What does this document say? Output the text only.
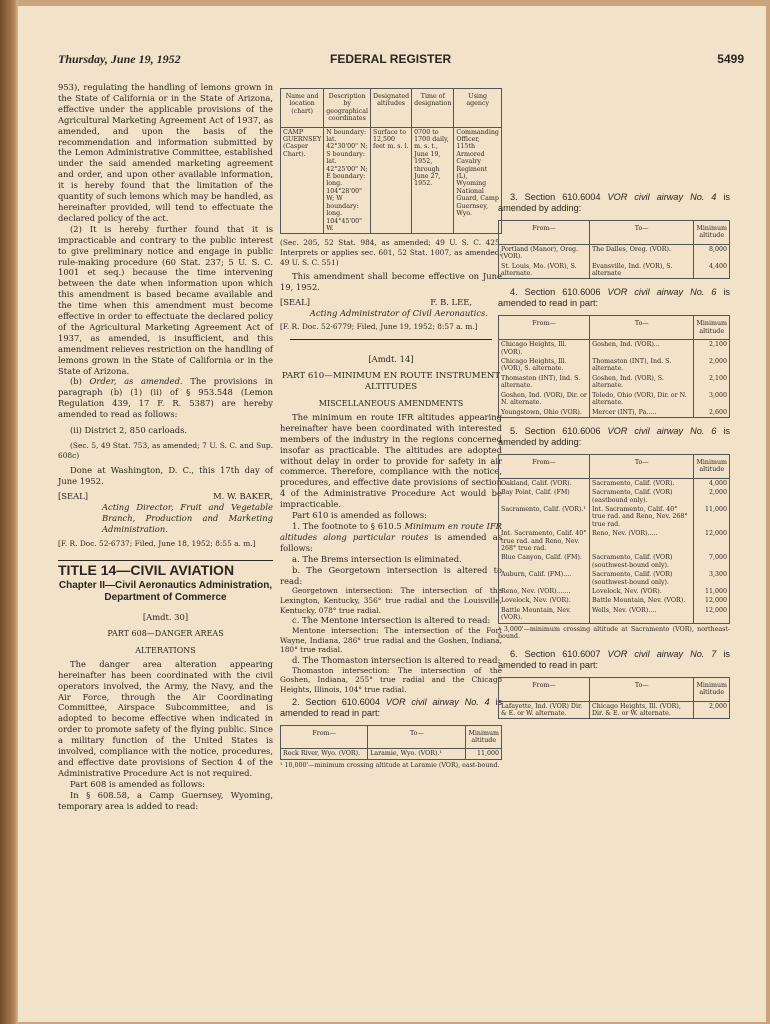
Thursday, June 19, 1952	FEDERAL REGISTER	5499

953), regulating the handling of lemons grown in the State of California or in the State of Arizona, effective under the applicable provisions of the Agricultural Marketing Agreement Act of 1937, as amended, and upon the basis of the recommendation and information submitted by the Lemon Administrative Committee, established under the said amended marketing agreement and order, and upon other available information, it is hereby found that the limitation of the quantity of such lemons which may be handled, as hereinafter provided, will tend to effectuate the declared policy of the act.

(2) It is hereby further found that it is impracticable and contrary to the public interest to give preliminary notice and engage in public rule-making procedure (60 Stat. 237; 5 U. S. C. 1001 et seq.) because the time intervening between the date when information upon which this amendment is based became available and the time when this amendment must become effective in order to effectuate the declared policy of the Agricultural Marketing Agreement Act of 1937, as amended, is insufficient, and this amendment relieves restriction on the handling of lemons grown in the State of California or in the State of Arizona.

(b) Order, as amended. The provisions in paragraph (b) (1) (ii) of § 953.548 (Lemon Regulation 439, 17 F. R. 5387) are hereby amended to read as follows:

(ii) District 2, 850 carloads.

(Sec. 5, 49 Stat. 753, as amended; 7 U. S. C. and Sup. 608c)

Done at Washington, D. C., this 17th day of June 1952.

[SEAL]	M. W. BAKER,
Acting Director, Fruit and Vegetable Branch, Production and Marketing Administration.

[F. R. Doc. 52-6737; Filed, June 18, 1952; 8:55 a. m.]

TITLE 14—CIVIL AVIATION
Chapter II—Civil Aeronautics Administration, Department of Commerce
[Amdt. 30]
PART 608—DANGER AREAS
ALTERATIONS

The danger area alteration appearing hereinafter has been coordinated with the civil operators involved, the Army, the Navy, and the Air Force, through the Air Coordinating Committee, Airspace Subcommittee, and is adopted to become effective when indicated in order to promote safety of the flying public. Since a military function of the United States is involved, compliance with the notice, procedures, and effective date provisions of Section 4 of the Administrative Procedure Act is not required.

Part 608 is amended as follows:

In § 608.58, a Camp Guernsey, Wyoming, temporary area is added to read:

Name and location (chart)	Description by geographical coordinates	Designated altitudes	Time of designation	Using agency
CAMP GUERNSEY (Casper Chart).	N boundary: lat. 42°30'00" N; S boundary: lat. 42°25'00" N; E boundary: long. 104°28'00" W; W boundary: long. 104°45'00" W.	Surface to 12,500 feet m. s. l.	0700 to 1700 daily, m. s. t., June 19, 1952, through June 27, 1952.	Commanding Officer, 115th Armored Cavalry Regiment (L), Wyoming National Guard, Camp Guernsey, Wyo.

(Sec. 205, 52 Stat. 984, as amended; 49 U. S. C. 425. Interprets or applies sec. 601, 52 Stat. 1007, as amended; 49 U. S. C. 551)

This amendment shall become effective on June 19, 1952.

[SEAL]	F. B. LEE,
Acting Administrator of Civil Aeronautics.

[F. R. Doc. 52-6779; Filed, June 19, 1952; 8:57 a. m.]

[Amdt. 14]
PART 610—MINIMUM EN ROUTE INSTRUMENT ALTITUDES
MISCELLANEOUS AMENDMENTS

The minimum en route IFR altitudes appearing hereinafter have been coordinated with interested members of the industry in the regions concerned insofar as practicable. The altitudes are adopted without delay in order to provide for safety in air commerce. Therefore, compliance with the notice, procedures, and effective date provisions of section 4 of the Administrative Procedure Act would be impracticable.

Part 610 is amended as follows:

1. The footnote to § 610.5 Minimum en route IFR altitudes along particular routes is amended as follows:

a. The Brems intersection is eliminated.

b. The Georgetown intersection is altered to read:

Georgetown intersection: The intersection of the Lexington, Kentucky, 356° true radial and the Louisville, Kentucky, 078° true radial.

c. The Mentone intersection is altered to read:

Mentone intersection: The intersection of the Fort Wayne, Indiana, 286° true radial and the Goshen, Indiana, 180° true radial.

d. The Thomaston intersection is altered to read:

Thomaston intersection: The intersection of the Goshen, Indiana, 255° true radial and the Chicago Heights, Illinois, 104° true radial.

2. Section 610.6004 VOR civil airway No. 4 is amended to read in part:

From—	To—	Minimum altitude
Rock River, Wyo. (VOR).	Laramie, Wyo. (VOR).¹	11,000

¹ 10,000'—minimum crossing altitude at Laramie (VOR), east-bound.

3. Section 610.6004 VOR civil airway No. 4 is amended by adding:

From—	To—	Minimum altitude
Portland (Manor), Oreg. (VOR).	The Dalles, Oreg. (VOR).	8,000
St. Louis, Mo. (VOR), S. alternate.	Evansville, Ind. (VOR), S. alternate	4,400

4. Section 610.6006 VOR civil airway No. 6 is amended to read in part:

From—	To—	Minimum altitude
Chicago Heights, Ill. (VOR).	Goshen, Ind. (VOR)...	2,100
Chicago Heights, Ill. (VOR), S. alternate.	Thomaston (INT), Ind. S. alternate.	2,000
Thomaston (INT), Ind. S. alternate.	Goshen, Ind. (VOR), S. alternate.	2,100
Goshen, Ind. (VOR), Dir. or N. alternate.	Toledo, Ohio (VOR), Dir. or N. alternate.	3,000
Youngstown, Ohio (VOR).	Mercer (INT), Pa.....	2,600

5. Section 610.6006 VOR civil airway No. 6 is amended by adding:

From—	To—	Minimum altitude
Oakland, Calif. (VOR).	Sacramento, Calif. (VOR).	4,000
Bay Point, Calif. (FM)	Sacramento, Calif. (VOR) (eastbound only).	2,000
Sacramento, Calif. (VOR).¹	Int. Sacramento, Calif. 40° true rad. and Reno, Nev. 268° true rad.	11,000
Int. Sacramento, Calif. 40° true rad. and Reno, Nev. 268° true rad.	Reno, Nev. (VOR).....	12,000
Blue Canyon, Calif. (FM).	Sacramento, Calif. (VOR) (southwest-bound only).	7,000
Auburn, Calif. (FM)....	Sacramento, Calif. (VOR) (southwest-bound only).	3,300
Reno, Nev. (VOR).......	Lovelock, Nev. (VOR).	11,000
Lovelock, Nev. (VOR).	Battle Mountain, Nev. (VOR).	12,000
Battle Mountain, Nev. (VOR).	Wells, Nev. (VOR)....	12,000

¹ 3,000'—minimum crossing altitude at Sacramento (VOR), northeast-bound.

6. Section 610.6007 VOR civil airway No. 7 is amended to read in part:

From—	To—	Minimum altitude
Lafayette, Ind. (VOR) Dir. & E. or W. alternate.	Chicago Heights, Ill. (VOR), Dir. & E. or W. alternate.	2,000
